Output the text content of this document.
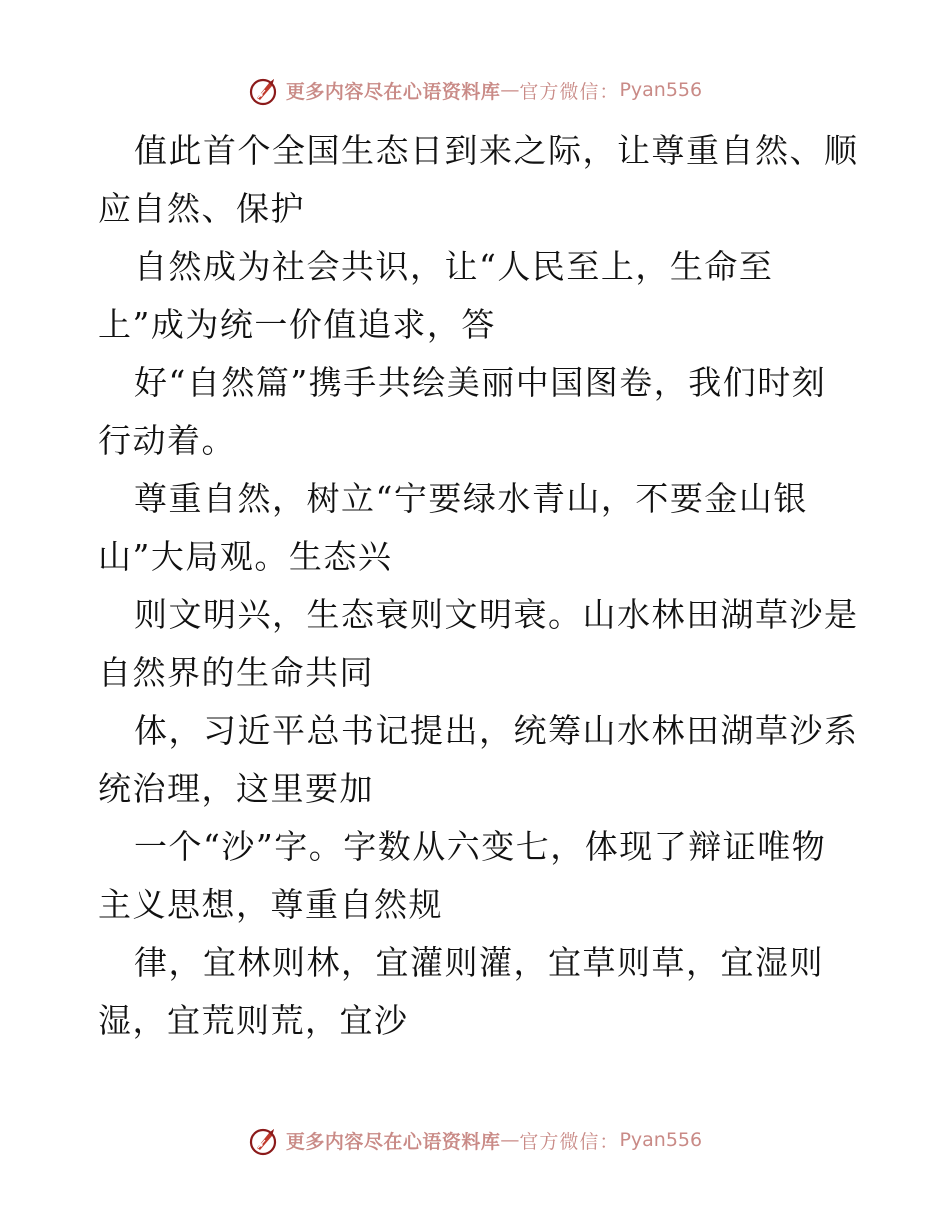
更多内容尽在心语资料库 — 官方微信： Pyan556
值此首个全国生态日到来之际，让尊重自然、顺
应自然、保护
自然成为社会共识，让“人民至上，生命至
上”成为统一价值追求，答
好“自然篇”携手共绘美丽中国图卷，我们时刻
行动着。
尊重自然，树立“宁要绿水青山，不要金山银
山”大局观。生态兴
则文明兴，生态衰则文明衰。山水林田湖草沙是
自然界的生命共同
体，习近平总书记提出，统筹山水林田湖草沙系
统治理，这里要加
一个“沙”字。字数从六变七，体现了辩证唯物
主义思想，尊重自然规
律，宜林则林，宜灌则灌，宜草则草，宜湿则
湿，宜荒则荒，宜沙
更多内容尽在心语资料库 — 官方微信： Pyan556
